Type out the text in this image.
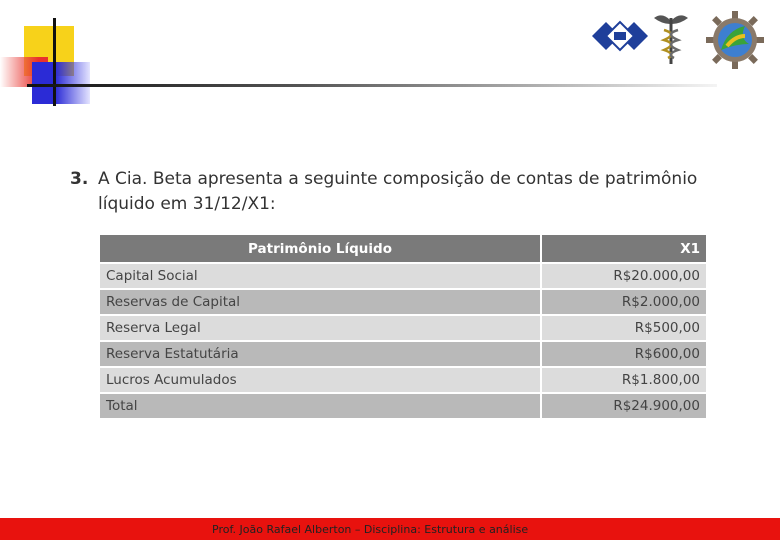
3. A Cia. Beta apresenta a seguinte composição de contas de patrimônio líquido em 31/12/X1:
Patrimônio Líquido	X1
Capital Social	R$20.000,00
Reservas de Capital	R$2.000,00
Reserva Legal	R$500,00
Reserva Estatutária	R$600,00
Lucros Acumulados	R$1.800,00
Total	R$24.900,00
Prof. João Rafael Alberton – Disciplina: Estrutura e análise
